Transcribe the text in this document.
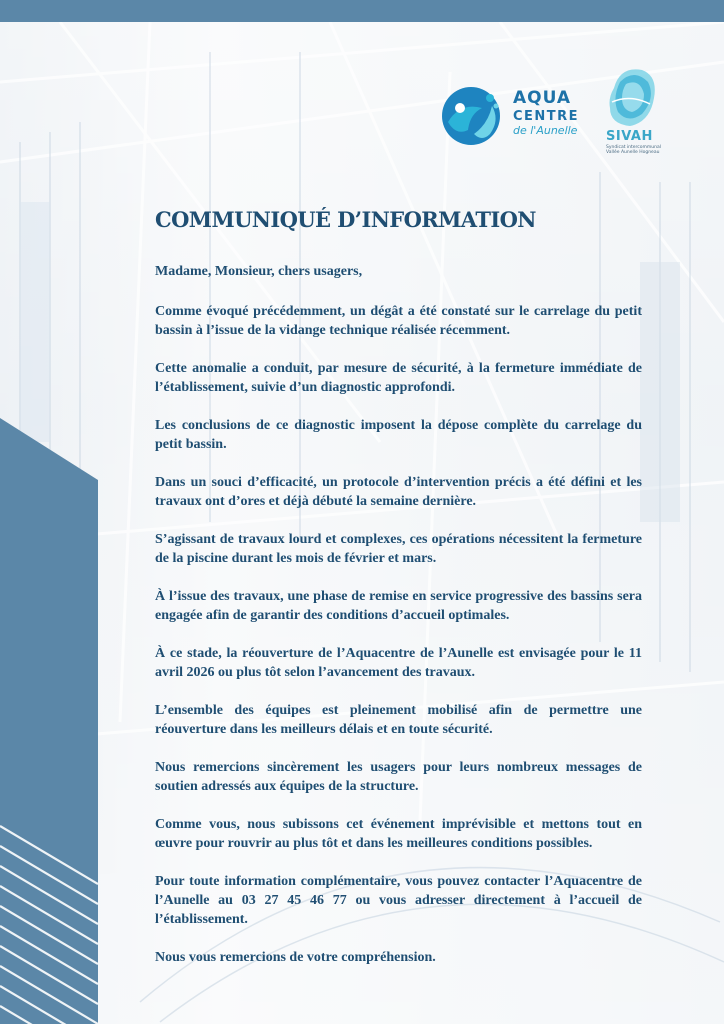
AQUA
CENTRE
de l'Aunelle SIVAH
Syndicat intercommunal Vallée Aunelle Hogneau
COMMUNIQUÉ D’INFORMATION

Madame, Monsieur, chers usagers,

Comme évoqué précédemment, un dégât a été constaté sur le carrelage du petit bassin à l’issue de la vidange technique réalisée récemment.

Cette anomalie a conduit, par mesure de sécurité, à la fermeture immédiate de l’établissement, suivie d’un diagnostic approfondi.

Les conclusions de ce diagnostic imposent la dépose complète du carrelage du petit bassin.

Dans un souci d’efficacité, un protocole d’intervention précis a été défini et les travaux ont d’ores et déjà débuté la semaine dernière.

S’agissant de travaux lourd et complexes, ces opérations nécessitent la fermeture de la piscine durant les mois de février et mars.

À l’issue des travaux, une phase de remise en service progressive des bassins sera engagée afin de garantir des conditions d’accueil optimales.

À ce stade, la réouverture de l’Aquacentre de l’Aunelle est envisagée pour le 11 avril 2026 ou plus tôt selon l’avancement des travaux.

L’ensemble des équipes est pleinement mobilisé afin de permettre une réouverture dans les meilleurs délais et en toute sécurité.

Nous remercions sincèrement les usagers pour leurs nombreux messages de soutien adressés aux équipes de la structure.

Comme vous, nous subissons cet événement imprévisible et mettons tout en œuvre pour rouvrir au plus tôt et dans les meilleures conditions possibles.

Pour toute information complémentaire, vous pouvez contacter l’Aquacentre de l’Aunelle au 03 27 45 46 77 ou vous adresser directement à l’accueil de l’établissement.

Nous vous remercions de votre compréhension.
